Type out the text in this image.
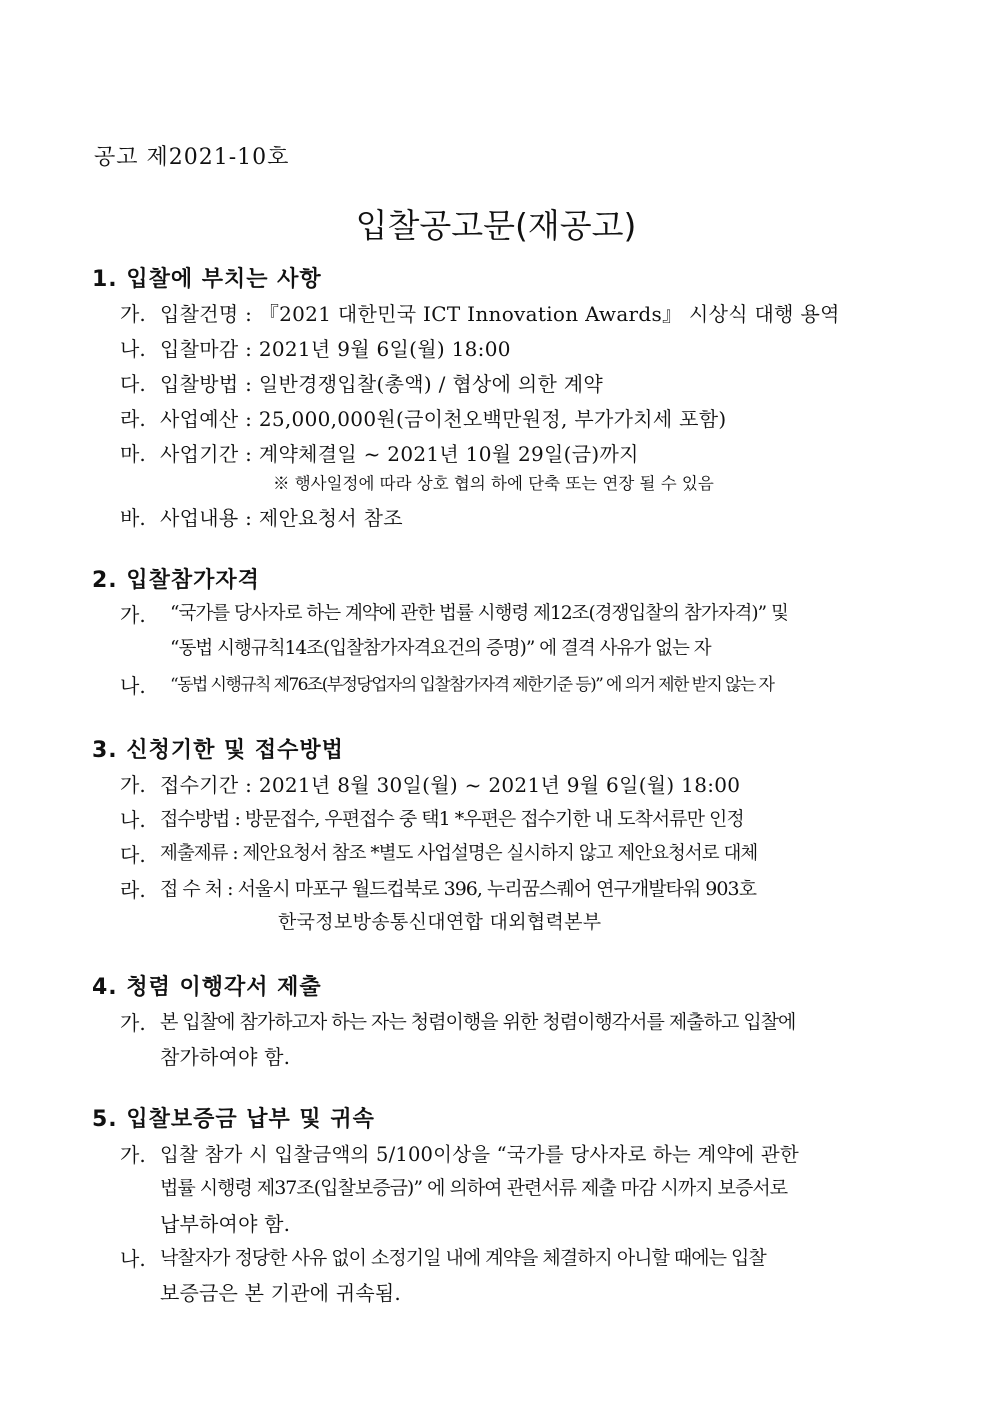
공고 제2021-10호
입찰공고문(재공고)
1. 입찰에 부치는 사항
가. 입찰건명 : 『2021 대한민국 ICT Innovation Awards』 시상식 대행 용역
나. 입찰마감 : 2021년 9월 6일(월) 18:00
다. 입찰방법 : 일반경쟁입찰(총액) / 협상에 의한 계약
라. 사업예산 : 25,000,000원(금이천오백만원정, 부가가치세 포함)
마. 사업기간 : 계약체결일 ~ 2021년 10월 29일(금)까지
※ 행사일정에 따라 상호 협의 하에 단축 또는 연장 될 수 있음
바. 사업내용 : 제안요청서 참조
2. 입찰참가자격
가. “국가를 당사자로 하는 계약에 관한 법률 시행령 제12조(경쟁입찰의 참가자격)” 및
“동법 시행규칙14조(입찰참가자격요건의 증명)” 에 결격 사유가 없는 자
나. “동법 시행규칙 제76조(부정당업자의 입찰참가자격 제한기준 등)” 에 의거 제한 받지 않는 자
3. 신청기한 및 접수방법
가. 접수기간 : 2021년 8월 30일(월) ~ 2021년 9월 6일(월) 18:00
나. 접수방법 : 방문접수, 우편접수 중 택1 *우편은 접수기한 내 도착서류만 인정
다. 제출제류 : 제안요청서 참조 *별도 사업설명은 실시하지 않고 제안요청서로 대체
라. 접 수 처 : 서울시 마포구 월드컵북로 396, 누리꿈스퀘어 연구개발타워 903호
한국정보방송통신대연합 대외협력본부
4. 청렴 이행각서 제출
가. 본 입찰에 참가하고자 하는 자는 청렴이행을 위한 청렴이행각서를 제출하고 입찰에
참가하여야 함.
5. 입찰보증금 납부 및 귀속
가. 입찰 참가 시 입찰금액의 5/100이상을 “국가를 당사자로 하는 계약에 관한
법률 시행령 제37조(입찰보증금)” 에 의하여 관련서류 제출 마감 시까지 보증서로
납부하여야 함.
나. 낙찰자가 정당한 사유 없이 소정기일 내에 계약을 체결하지 아니할 때에는 입찰
보증금은 본 기관에 귀속됨.
